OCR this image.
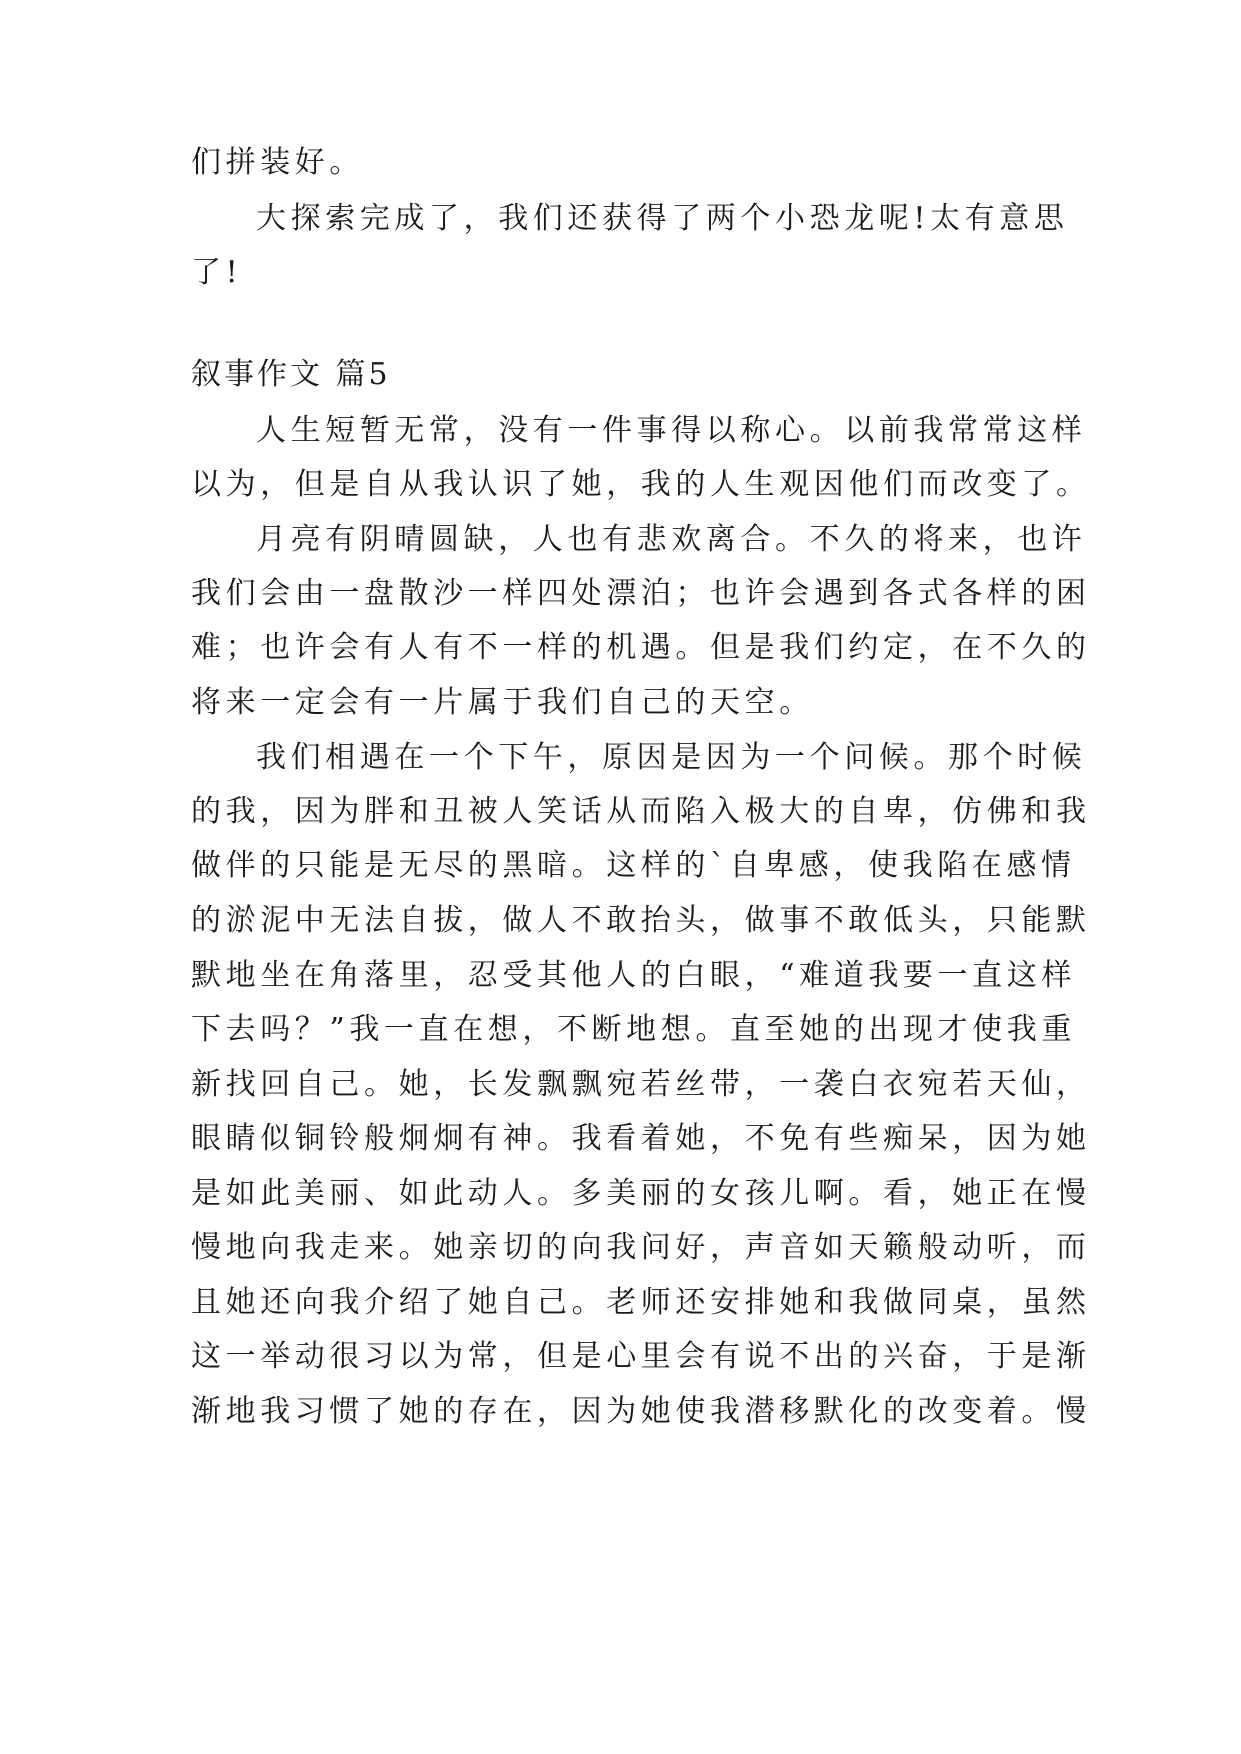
们拼装好。
大探索完成了，我们还获得了两个小恐龙呢!太有意思
了!
叙事作文 篇5
人生短暂无常，没有一件事得以称心。以前我常常这样
以为，但是自从我认识了她，我的人生观因他们而改变了。
月亮有阴晴圆缺，人也有悲欢离合。不久的将来，也许
我们会由一盘散沙一样四处漂泊；也许会遇到各式各样的困
难；也许会有人有不一样的机遇。但是我们约定，在不久的
将来一定会有一片属于我们自己的天空。
我们相遇在一个下午，原因是因为一个问候。那个时候
的我，因为胖和丑被人笑话从而陷入极大的自卑，仿佛和我
做伴的只能是无尽的黑暗。这样的`自卑感，使我陷在感情
的淤泥中无法自拔，做人不敢抬头，做事不敢低头，只能默
默地坐在角落里，忍受其他人的白眼，“难道我要一直这样
下去吗？”我一直在想，不断地想。直至她的出现才使我重
新找回自己。她，长发飘飘宛若丝带，一袭白衣宛若天仙，
眼睛似铜铃般炯炯有神。我看着她，不免有些痴呆，因为她
是如此美丽、如此动人。多美丽的女孩儿啊。看，她正在慢
慢地向我走来。她亲切的向我问好，声音如天籁般动听，而
且她还向我介绍了她自己。老师还安排她和我做同桌，虽然
这一举动很习以为常，但是心里会有说不出的兴奋，于是渐
渐地我习惯了她的存在，因为她使我潜移默化的改变着。慢
